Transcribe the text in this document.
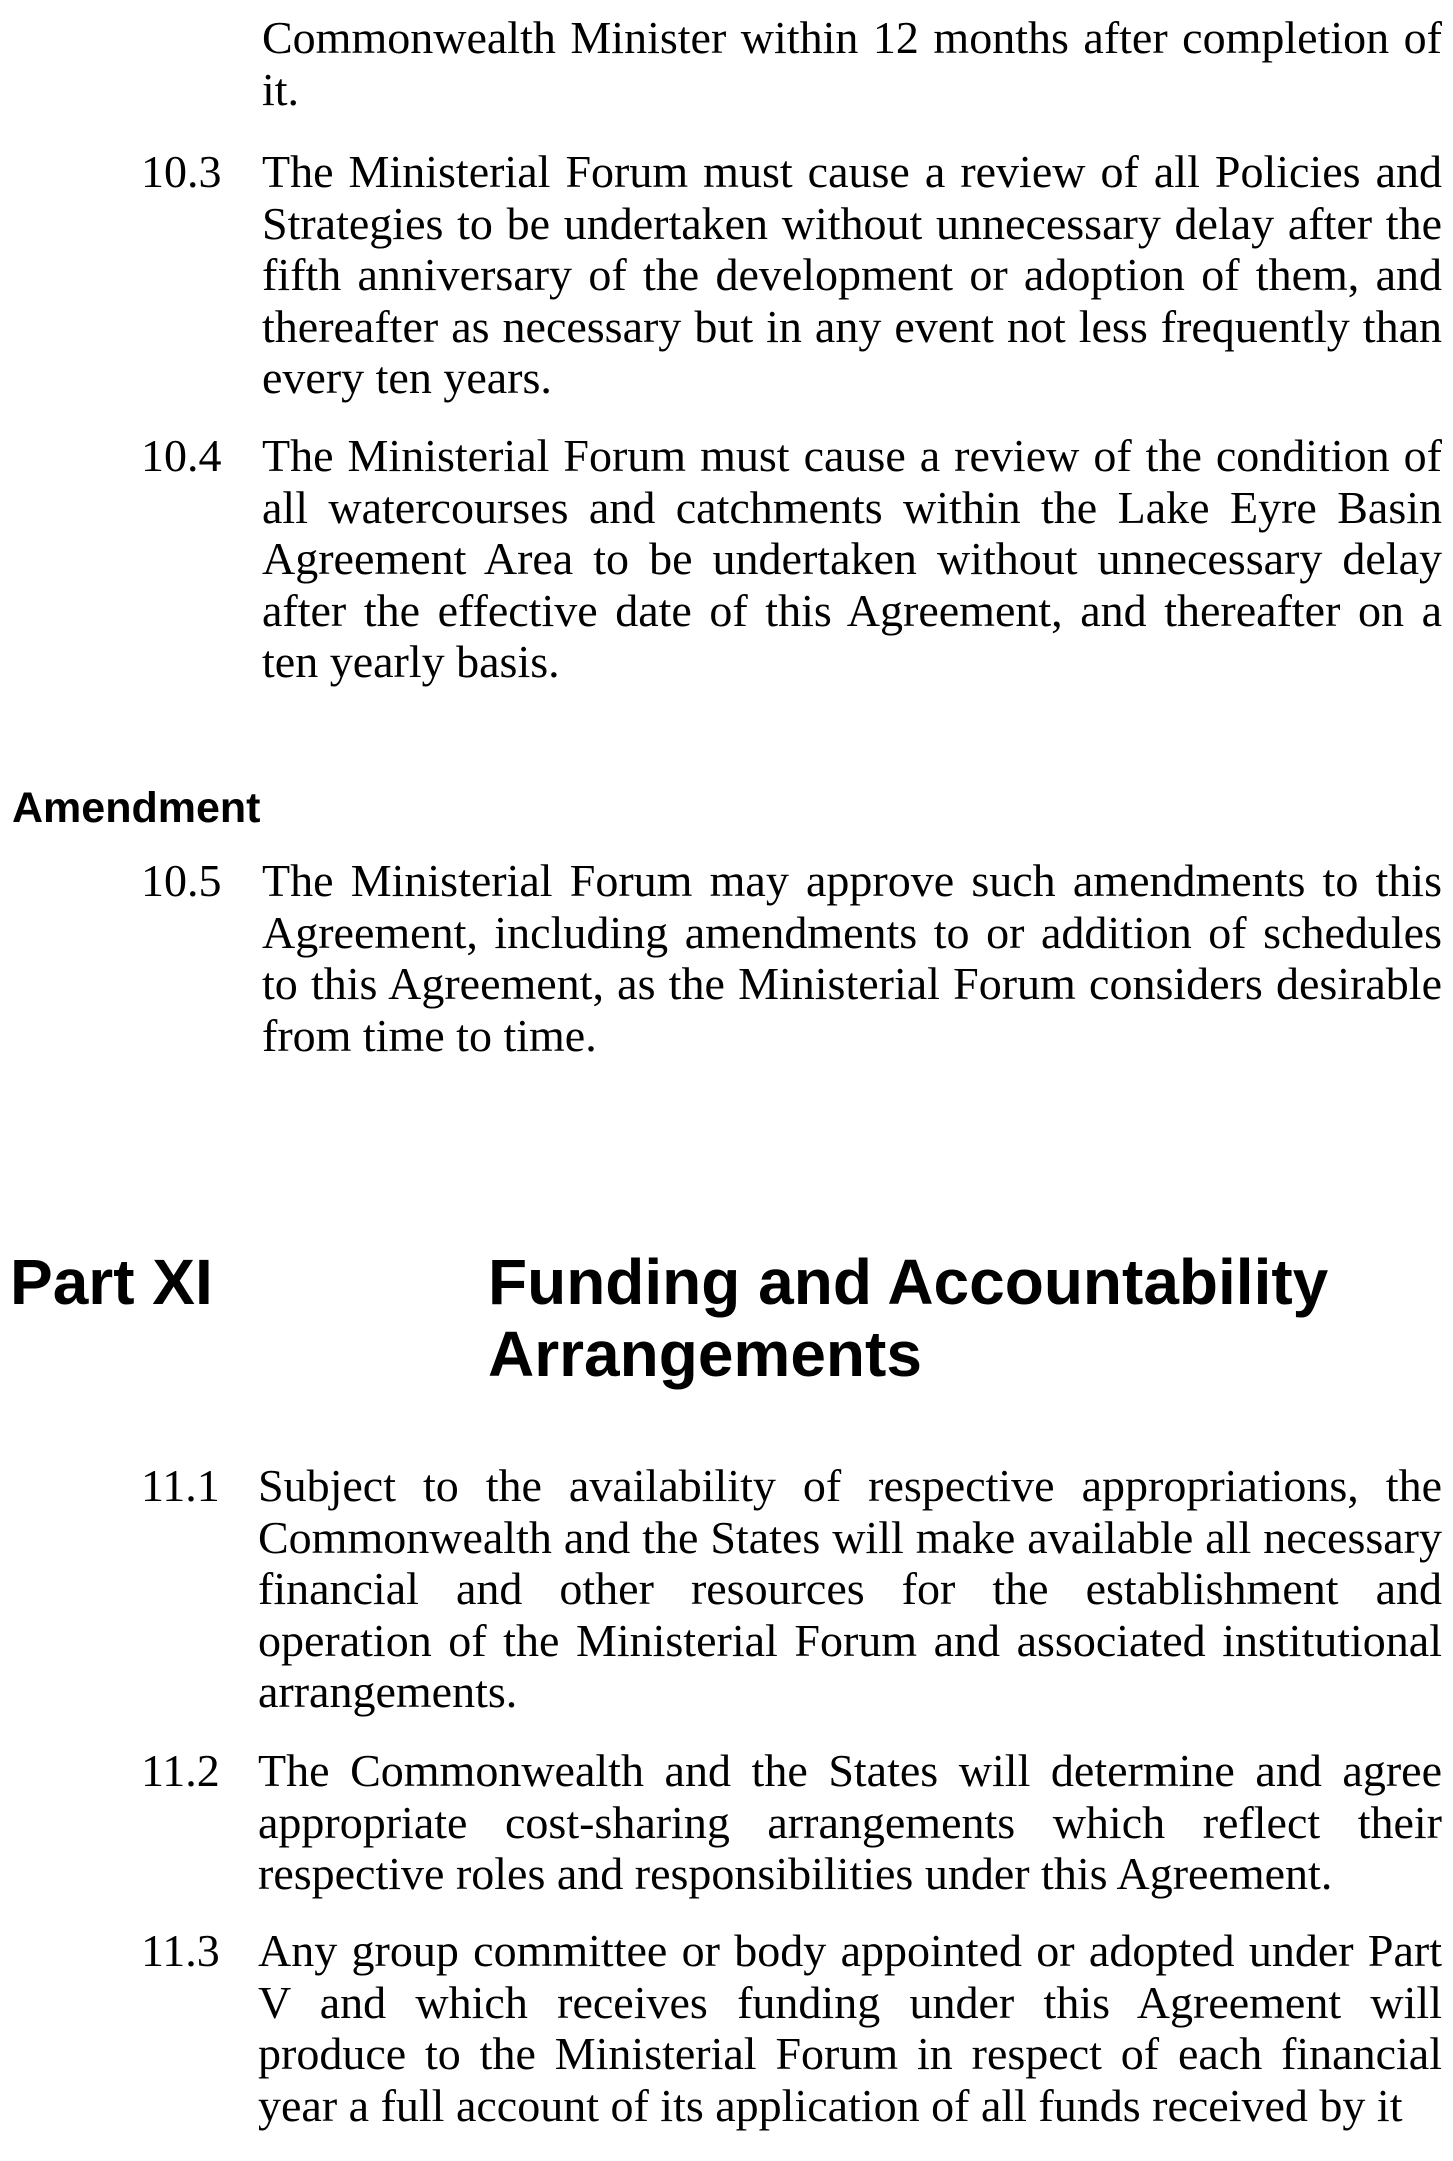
Commonwealth Minister within 12 months after completion of it.

10.3 The Ministerial Forum must cause a review of all Policies and Strategies to be undertaken without unnecessary delay after the fifth anniversary of the development or adoption of them, and thereafter as necessary but in any event not less frequently than every ten years.

10.4 The Ministerial Forum must cause a review of the condition of all watercourses and catchments within the Lake Eyre Basin Agreement Area to be undertaken without unnecessary delay after the effective date of this Agreement, and thereafter on a ten yearly basis.

Amendment

10.5 The Ministerial Forum may approve such amendments to this Agreement, including amendments to or addition of schedules to this Agreement, as the Ministerial Forum considers desirable from time to time.

Part XI	Funding and Accountability
Arrangements

11.1 Subject to the availability of respective appropriations, the Commonwealth and the States will make available all necessary financial and other resources for the establishment and operation of the Ministerial Forum and associated institutional arrangements.

11.2 The Commonwealth and the States will determine and agree appropriate cost-sharing arrangements which reflect their respective roles and responsibilities under this Agreement.

11.3 Any group committee or body appointed or adopted under Part V and which receives funding under this Agreement will produce to the Ministerial Forum in respect of each financial year a full account of its application of all funds received by it
